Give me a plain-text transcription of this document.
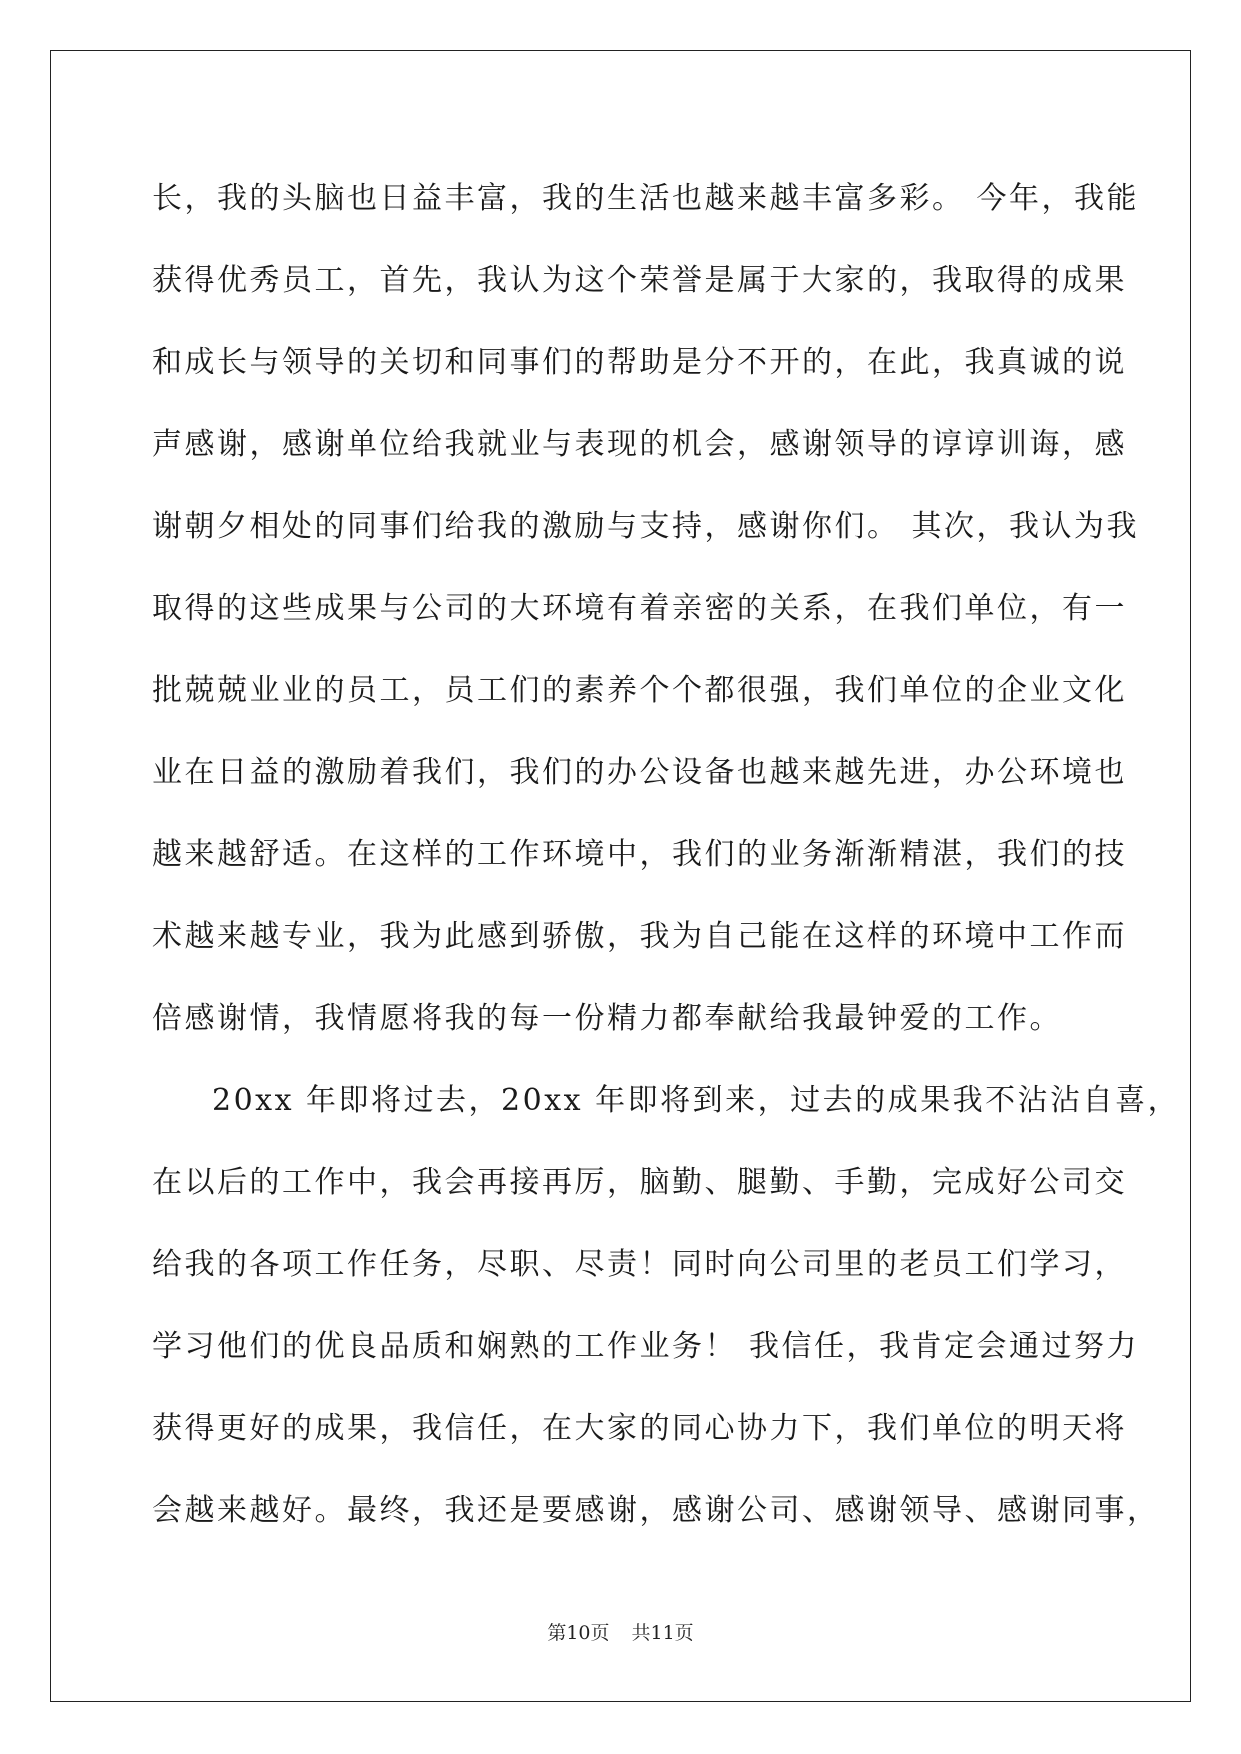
长，我的头脑也日益丰富，我的生活也越来越丰富多彩。 今年，我能
获得优秀员工，首先，我认为这个荣誉是属于大家的，我取得的成果
和成长与领导的关切和同事们的帮助是分不开的，在此，我真诚的说
声感谢，感谢单位给我就业与表现的机会，感谢领导的谆谆训诲，感
谢朝夕相处的同事们给我的激励与支持，感谢你们。 其次，我认为我
取得的这些成果与公司的大环境有着亲密的关系，在我们单位，有一
批兢兢业业的员工，员工们的素养个个都很强，我们单位的企业文化
业在日益的激励着我们，我们的办公设备也越来越先进，办公环境也
越来越舒适。在这样的工作环境中，我们的业务渐渐精湛，我们的技
术越来越专业，我为此感到骄傲，我为自己能在这样的环境中工作而
倍感谢情，我情愿将我的每一份精力都奉献给我最钟爱的工作。
20xx 年即将过去，20xx 年即将到来，过去的成果我不沾沾自喜，
在以后的工作中，我会再接再厉，脑勤、腿勤、手勤，完成好公司交
给我的各项工作任务，尽职、尽责！同时向公司里的老员工们学习，
学习他们的优良品质和娴熟的工作业务！ 我信任，我肯定会通过努力
获得更好的成果，我信任，在大家的同心协力下，我们单位的明天将
会越来越好。最终，我还是要感谢，感谢公司、感谢领导、感谢同事，
第10页 共11页
